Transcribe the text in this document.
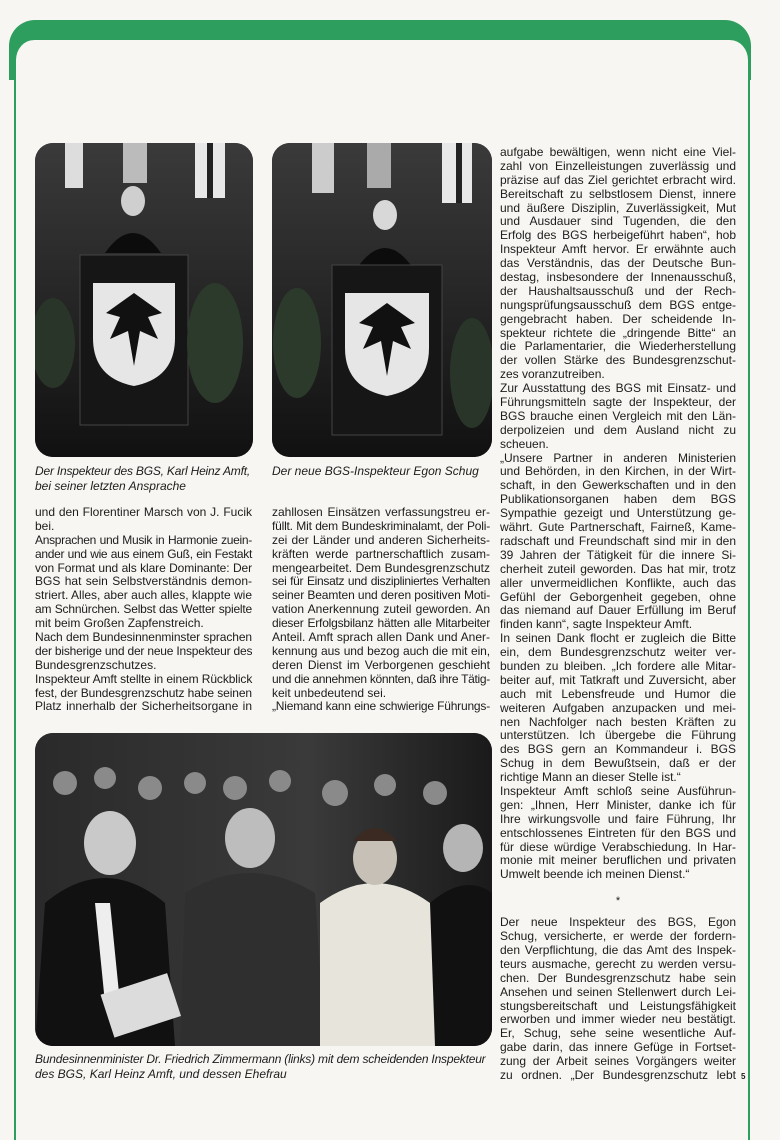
Der Inspekteur des BGS, Karl Heinz Amft,
bei seiner letzten Ansprache
Der neue BGS-Inspekteur Egon Schug
und den Florentiner Marsch von J. Fucik
bei.
Ansprachen und Musik in Harmonie zuein-
ander und wie aus einem Guß, ein Festakt
von Format und als klare Dominante: Der
BGS hat sein Selbstverständnis demon-
striert. Alles, aber auch alles, klappte wie
am Schnürchen. Selbst das Wetter spielte
mit beim Großen Zapfenstreich.
Nach dem Bundesinnenminster sprachen
der bisherige und der neue Inspekteur des
Bundesgrenzschutzes.
Inspekteur Amft stellte in einem Rückblick
fest, der Bundesgrenzschutz habe seinen
Platz innerhalb der Sicherheitsorgane in
zahllosen Einsätzen verfassungstreu er-
füllt. Mit dem Bundeskriminalamt, der Poli-
zei der Länder und anderen Sicherheits-
kräften werde partnerschaftlich zusam-
mengearbeitet. Dem Bundesgrenzschutz
sei für Einsatz und diszipliniertes Verhalten
seiner Beamten und deren positiven Moti-
vation Anerkennung zuteil geworden. An
dieser Erfolgsbilanz hätten alle Mitarbeiter
Anteil. Amft sprach allen Dank und Aner-
kennung aus und bezog auch die mit ein,
deren Dienst im Verborgenen geschieht
und die annehmen könnten, daß ihre Tätig-
keit unbedeutend sei.
„Niemand kann eine schwierige Führungs-
aufgabe bewältigen, wenn nicht eine Viel-
zahl von Einzelleistungen zuverlässig und
präzise auf das Ziel gerichtet erbracht wird.
Bereitschaft zu selbstlosem Dienst, innere
und äußere Disziplin, Zuverlässigkeit, Mut
und Ausdauer sind Tugenden, die den
Erfolg des BGS herbeigeführt haben“, hob
Inspekteur Amft hervor. Er erwähnte auch
das Verständnis, das der Deutsche Bun-
destag, insbesondere der Innenausschuß,
der Haushaltsausschuß und der Rech-
nungsprüfungsausschuß dem BGS entge-
gengebracht haben. Der scheidende In-
spekteur richtete die „dringende Bitte“ an
die Parlamentarier, die Wiederherstellung
der vollen Stärke des Bundesgrenzschut-
zes voranzutreiben.
Zur Ausstattung des BGS mit Einsatz- und
Führungsmitteln sagte der Inspekteur, der
BGS brauche einen Vergleich mit den Län-
derpolizeien und dem Ausland nicht zu
scheuen.
„Unsere Partner in anderen Ministerien
und Behörden, in den Kirchen, in der Wirt-
schaft, in den Gewerkschaften und in den
Publikationsorganen haben dem BGS
Sympathie gezeigt und Unterstützung ge-
währt. Gute Partnerschaft, Fairneß, Kame-
radschaft und Freundschaft sind mir in den
39 Jahren der Tätigkeit für die innere Si-
cherheit zuteil geworden. Das hat mir, trotz
aller unvermeidlichen Konflikte, auch das
Gefühl der Geborgenheit gegeben, ohne
das niemand auf Dauer Erfüllung im Beruf
finden kann“, sagte Inspekteur Amft.
In seinen Dank flocht er zugleich die Bitte
ein, dem Bundesgrenzschutz weiter ver-
bunden zu bleiben. „Ich fordere alle Mitar-
beiter auf, mit Tatkraft und Zuversicht, aber
auch mit Lebensfreude und Humor die
weiteren Aufgaben anzupacken und mei-
nen Nachfolger nach besten Kräften zu
unterstützen. Ich übergebe die Führung
des BGS gern an Kommandeur i. BGS
Schug in dem Bewußtsein, daß er der
richtige Mann an dieser Stelle ist.“
Inspekteur Amft schloß seine Ausführun-
gen: „Ihnen, Herr Minister, danke ich für
Ihre wirkungsvolle und faire Führung, Ihr
entschlossenes Eintreten für den BGS und
für diese würdige Verabschiedung. In Har-
monie mit meiner beruflichen und privaten
Umwelt beende ich meinen Dienst.“
*
Der neue Inspekteur des BGS, Egon
Schug, versicherte, er werde der fordern-
den Verpflichtung, die das Amt des Inspek-
teurs ausmache, gerecht zu werden versu-
chen. Der Bundesgrenzschutz habe sein
Ansehen und seinen Stellenwert durch Lei-
stungsbereitschaft und Leistungsfähigkeit
erworben und immer wieder neu bestätigt.
Er, Schug, sehe seine wesentliche Auf-
gabe darin, das innere Gefüge in Fortset-
zung der Arbeit seines Vorgängers weiter
zu ordnen. „Der Bundesgrenzschutz lebt
Bundesinnenminister Dr. Friedrich Zimmermann (links) mit dem scheidenden Inspekteur
des BGS, Karl Heinz Amft, und dessen Ehefrau	5
